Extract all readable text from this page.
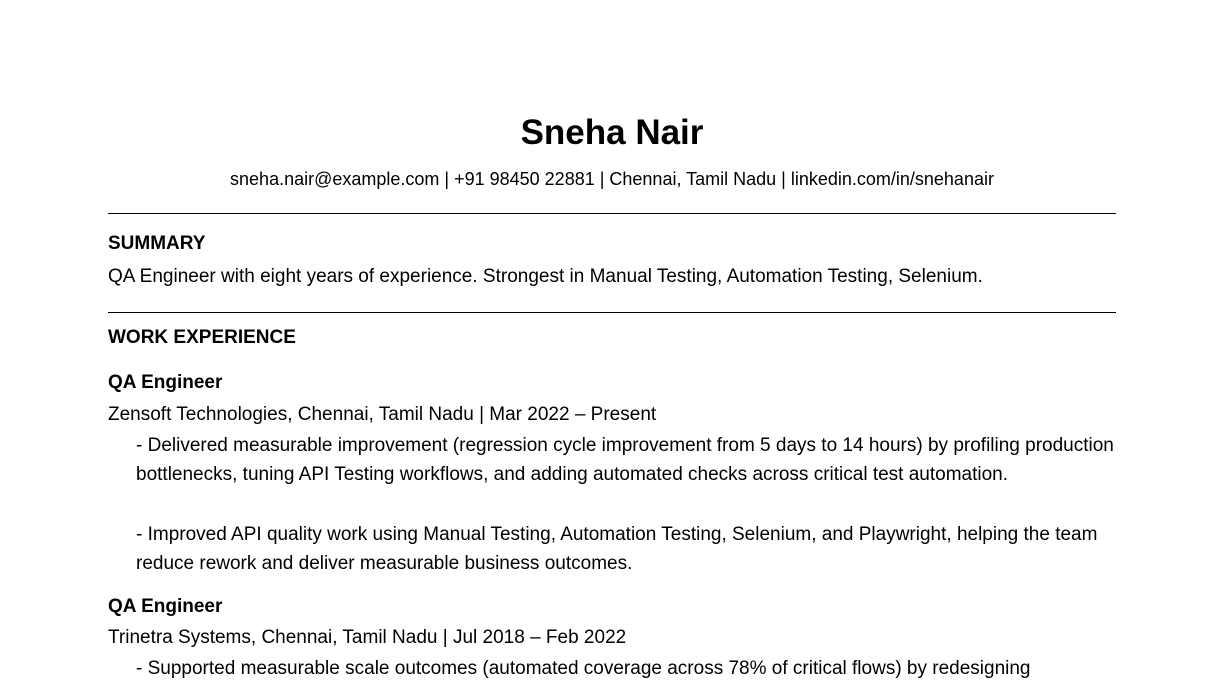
Sneha Nair
sneha.nair@example.com | +91 98450 22881 | Chennai, Tamil Nadu | linkedin.com/in/snehanair
SUMMARY
QA Engineer with eight years of experience. Strongest in Manual Testing, Automation Testing, Selenium.
WORK EXPERIENCE
QA Engineer
Zensoft Technologies, Chennai, Tamil Nadu | Mar 2022 – Present
- Delivered measurable improvement (regression cycle improvement from 5 days to 14 hours) by profiling production bottlenecks, tuning API Testing workflows, and adding automated checks across critical test automation.
- Improved API quality work using Manual Testing, Automation Testing, Selenium, and Playwright, helping the team reduce rework and deliver measurable business outcomes.
QA Engineer
Trinetra Systems, Chennai, Tamil Nadu | Jul 2018 – Feb 2022
- Supported measurable scale outcomes (automated coverage across 78% of critical flows) by redesigning
